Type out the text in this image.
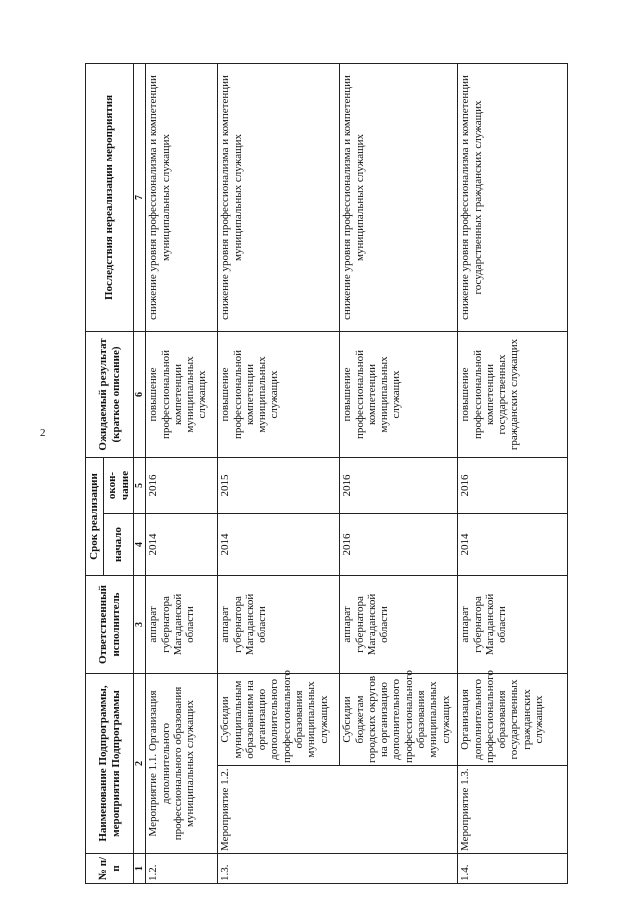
2
№ п/п	Наименование Подпрограммы, мероприятия Подпрограммы		Ответственный исполнитель	Срок реализации		Ожидаемый результат (краткое описание)	Последствия нереализации мероприятия
				начало	окон-чание		
1	2		3	4	5	6	7
1.2.	Мероприятие 1.1. Организация дополнительного профессионального образования муниципальных служащих		аппарат губернатора Магаданской области	2014	2016	повышение профессиональной компетенции муниципальных служащих	снижение уровня профессионализма и компетенции муниципальных служащих
1.3.	Мероприятие 1.2.	Субсидии муниципальным образованиям на организацию дополнительного профессионального образования муниципальных служащих	аппарат губернатора Магаданской области	2014	2015	повышение профессиональной компетенции муниципальных служащих	снижение уровня профессионализма и компетенции муниципальных служащих
		Субсидии бюджетам городских округов на организацию дополнительного профессионального образования муниципальных служащих	аппарат губернатора Магаданской области	2016	2016	повышение профессиональной компетенции муниципальных служащих	снижение уровня профессионализма и компетенции муниципальных служащих
1.4.	Мероприятие 1.3.	Организация дополнительного профессионального образования государственных гражданских служащих	аппарат губернатора Магаданской области	2014	2016	повышение профессиональной компетенции государственных гражданских служащих	снижение уровня профессионализма и компетенции государственных гражданских служащих
